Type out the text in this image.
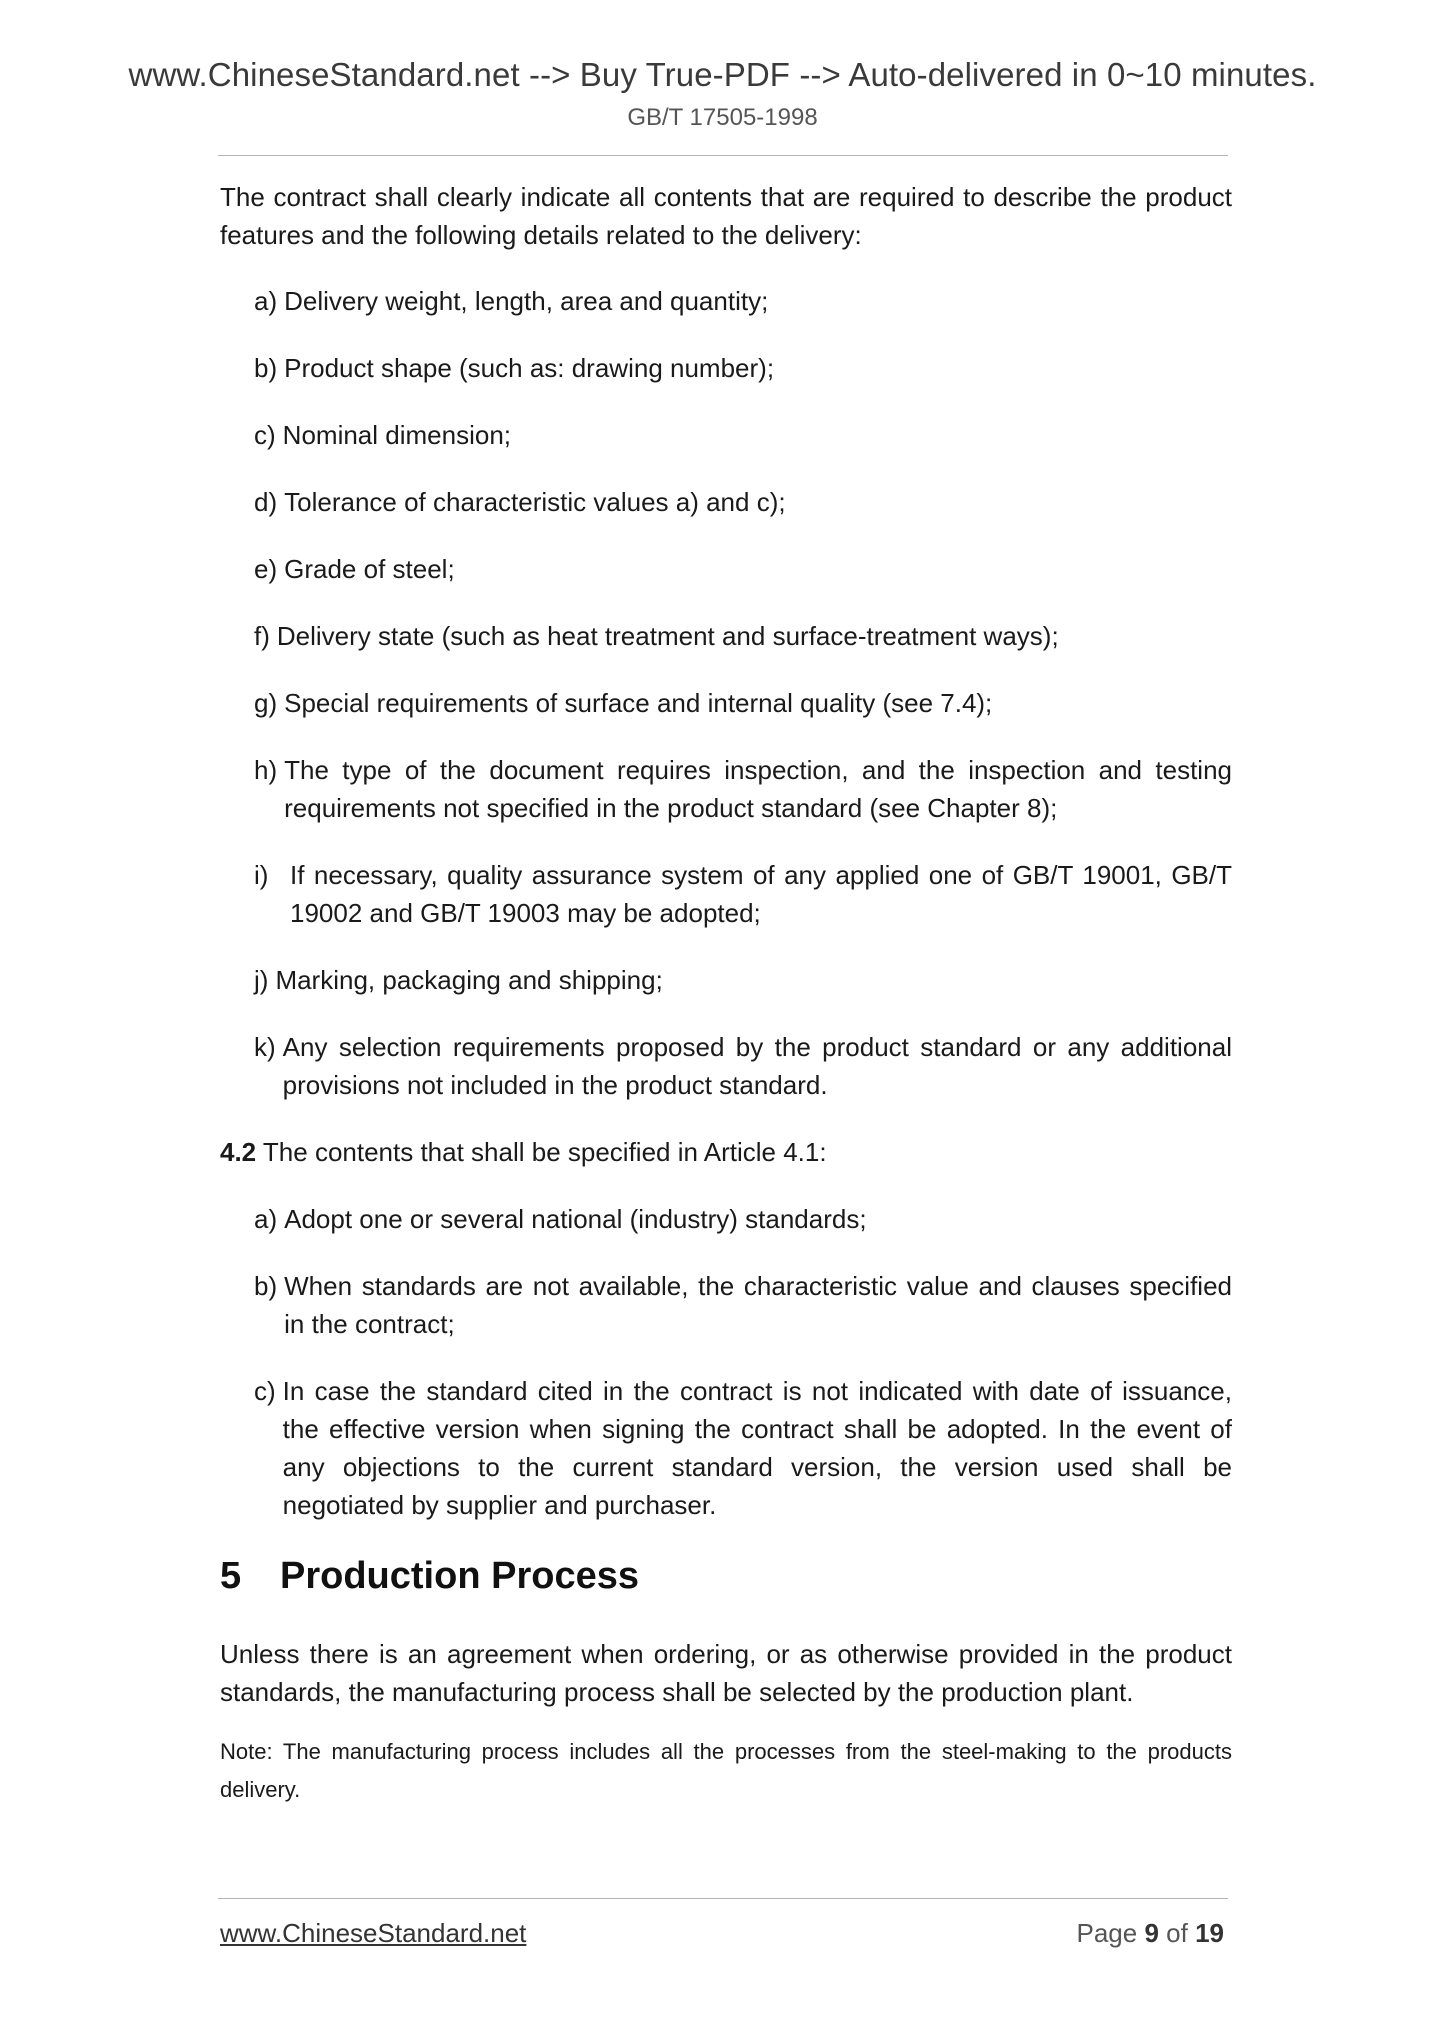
www.ChineseStandard.net --> Buy True-PDF --> Auto-delivered in 0~10 minutes.
GB/T 17505-1998

The contract shall clearly indicate all contents that are required to describe the product features and the following details related to the delivery:

a) Delivery weight, length, area and quantity;
b) Product shape (such as: drawing number);
c) Nominal dimension;
d) Tolerance of characteristic values a) and c);
e) Grade of steel;
f) Delivery state (such as heat treatment and surface-treatment ways);
g) Special requirements of surface and internal quality (see 7.4);
h) The type of the document requires inspection, and the inspection and testing requirements not specified in the product standard (see Chapter 8);
i) If necessary, quality assurance system of any applied one of GB/T 19001, GB/T 19002 and GB/T 19003 may be adopted;
j) Marking, packaging and shipping;
k) Any selection requirements proposed by the product standard or any additional provisions not included in the product standard.

4.2 The contents that shall be specified in Article 4.1:

a) Adopt one or several national (industry) standards;
b) When standards are not available, the characteristic value and clauses specified in the contract;
c) In case the standard cited in the contract is not indicated with date of issuance, the effective version when signing the contract shall be adopted. In the event of any objections to the current standard version, the version used shall be negotiated by supplier and purchaser.
5	Production Process

Unless there is an agreement when ordering, or as otherwise provided in the product standards, the manufacturing process shall be selected by the production plant.

Note: The manufacturing process includes all the processes from the steel-making to the products delivery.

www.ChineseStandard.net	Page 9 of 19
